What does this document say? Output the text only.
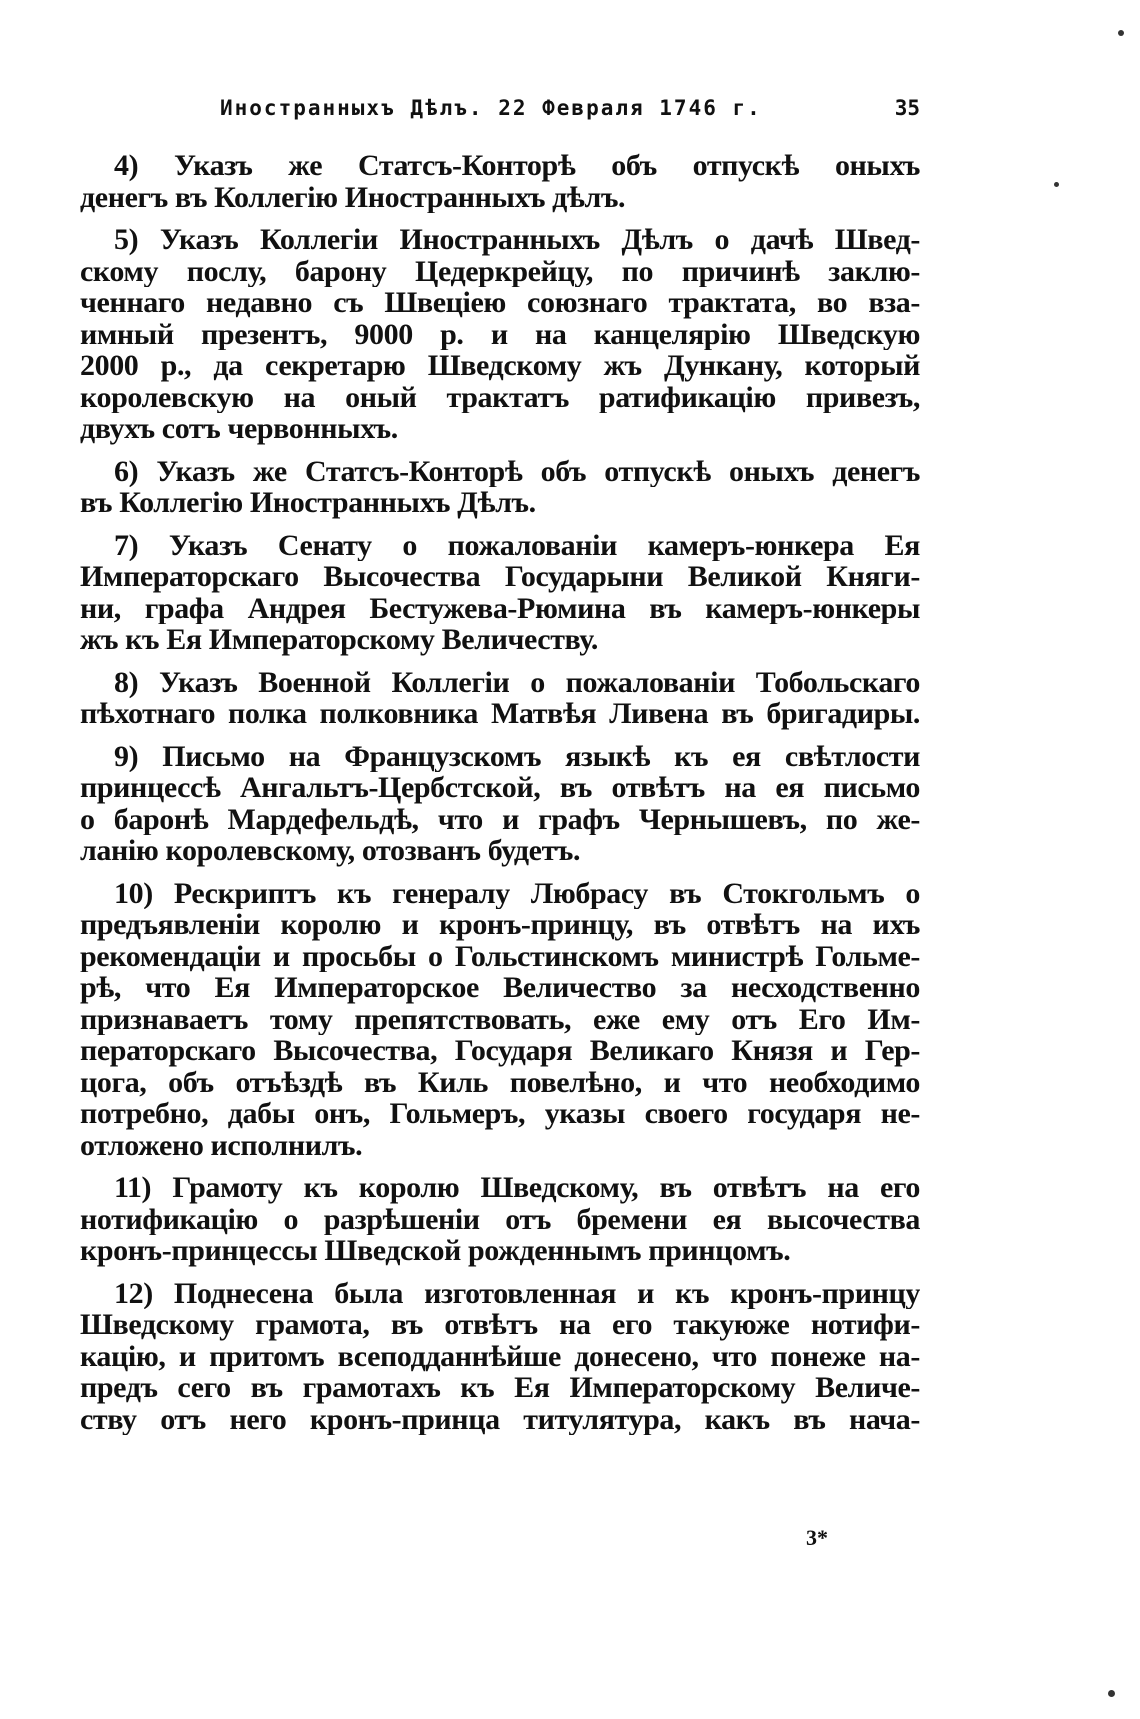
Иностранныхъ Дѣлъ. 22 Февраля 1746 г.	35
4) Указъ же Статсъ-Конторѣ объ отпускѣ оныхъ
денегъ въ Коллегію Иностранныхъ дѣлъ.
5) Указъ Коллегіи Иностранныхъ Дѣлъ о дачѣ Швед-
скому послу, барону Цедеркрейцу, по причинѣ заклю-
ченнаго недавно съ Швеціею союзнаго трактата, во вза-
имный презентъ, 9000 р. и на канцелярію Шведскую
2000 р., да секретарю Шведскому жъ Дункану, который
королевскую на оный трактатъ ратификацію привезъ,
двухъ сотъ червонныхъ.
6) Указъ же Статсъ-Конторѣ объ отпускѣ оныхъ денегъ
въ Коллегію Иностранныхъ Дѣлъ.
7) Указъ Сенату о пожалованіи камеръ-юнкера Ея
Императорскаго Высочества Государыни Великой Княги-
ни, графа Андрея Бестужева-Рюмина въ камеръ-юнкеры
жъ къ Ея Императорскому Величеству.
8) Указъ Военной Коллегіи о пожалованіи Тобольскаго
пѣхотнаго полка полковника Матвѣя Ливена въ бригадиры.
9) Письмо на Французскомъ языкѣ къ ея свѣтлости
принцессѣ Ангальтъ-Цербстской, въ отвѣтъ на ея письмо
о баронѣ Мардефельдѣ, что и графъ Чернышевъ, по же-
ланію королевскому, отозванъ будетъ.
10) Рескриптъ къ генералу Любрасу въ Стокгольмъ о
предъявленіи королю и кронъ-принцу, въ отвѣтъ на ихъ
рекомендаціи и просьбы о Гольстинскомъ министрѣ Гольме-
рѣ, что Ея Императорское Величество за несходственно
признаваетъ тому препятствовать, еже ему отъ Его Им-
ператорскаго Высочества, Государя Великаго Князя и Гер-
цога, объ отъѣздѣ въ Киль повелѣно, и что необходимо
потребно, дабы онъ, Гольмеръ, указы своего государя не-
отложено исполнилъ.
11) Грамоту къ королю Шведскому, въ отвѣтъ на его
нотификацію о разрѣшеніи отъ бремени ея высочества
кронъ-принцессы Шведской рожденнымъ принцомъ.
12) Поднесена была изготовленная и къ кронъ-принцу
Шведскому грамота, въ отвѣтъ на его такуюже нотифи-
кацію, и притомъ всеподданнѣйше донесено, что понеже на-
предъ сего въ грамотахъ къ Ея Императорскому Величе-
ству отъ него кронъ-принца титулятура, какъ въ нача-
3*
